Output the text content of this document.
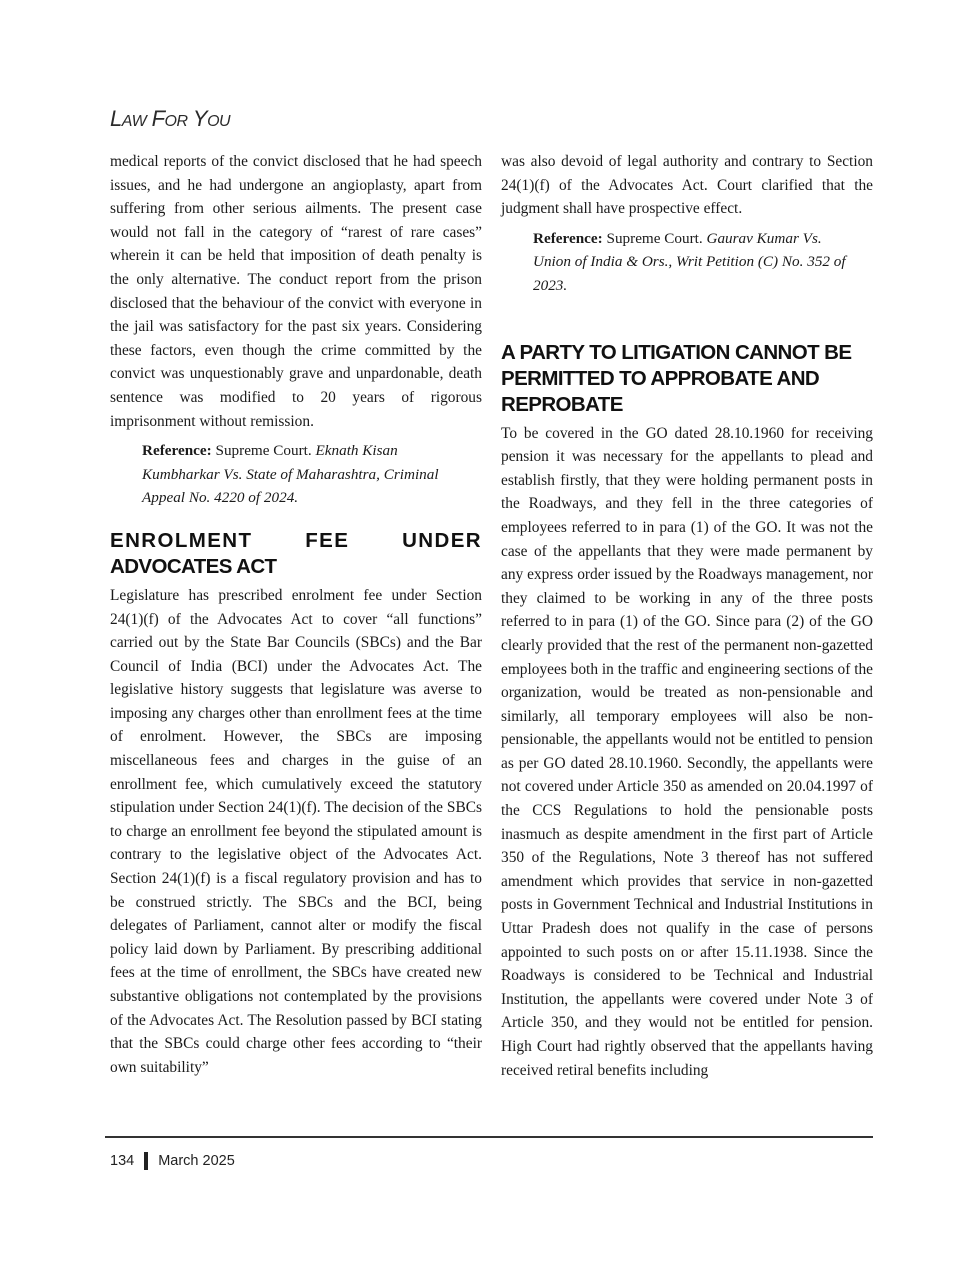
LAW FOR YOU

medical reports of the convict disclosed that he had speech issues, and he had undergone an angioplasty, apart from suffering from other serious ailments. The present case would not fall in the category of “rarest of rare cases” wherein it can be held that imposition of death penalty is the only alternative. The conduct report from the prison disclosed that the behaviour of the convict with everyone in the jail was satisfactory for the past six years. Considering these factors, even though the crime committed by the convict was unquestionably grave and unpardonable, death sentence was modified to 20 years of rigorous imprisonment without remission.

Reference: Supreme Court. Eknath Kisan Kumbharkar Vs. State of Maharashtra, Criminal Appeal No. 4220 of 2024.

ENROLMENT	FEE	UNDER
ADVOCATES ACT

Legislature has prescribed enrolment fee under Section 24(1)(f) of the Advocates Act to cover “all functions” carried out by the State Bar Councils (SBCs) and the Bar Council of India (BCI) under the Advocates Act. The legislative history suggests that legislature was averse to imposing any charges other than enrollment fees at the time of enrolment. However, the SBCs are imposing miscellaneous fees and charges in the guise of an enrollment fee, which cumulatively exceed the statutory stipulation under Section 24(1)(f). The decision of the SBCs to charge an enrollment fee beyond the stipulated amount is contrary to the legislative object of the Advocates Act. Section 24(1)(f) is a fiscal regulatory provision and has to be construed strictly. The SBCs and the BCI, being delegates of Parliament, cannot alter or modify the fiscal policy laid down by Parliament. By prescribing additional fees at the time of enrollment, the SBCs have created new substantive obligations not contemplated by the provisions of the Advocates Act. The Resolution passed by BCI stating that the SBCs could charge other fees according to “their own suitability”

was also devoid of legal authority and contrary to Section 24(1)(f) of the Advocates Act. Court clarified that the judgment shall have prospective effect.

Reference: Supreme Court. Gaurav Kumar Vs. Union of India & Ors., Writ Petition (C) No. 352 of 2023.

A PARTY TO LITIGATION CANNOT BE PERMITTED TO APPROBATE AND REPROBATE

To be covered in the GO dated 28.10.1960 for receiving pension it was necessary for the appellants to plead and establish firstly, that they were holding permanent posts in the Roadways, and they fell in the three categories of employees referred to in para (1) of the GO. It was not the case of the appellants that they were made permanent by any express order issued by the Roadways management, nor they claimed to be working in any of the three posts referred to in para (1) of the GO. Since para (2) of the GO clearly provided that the rest of the permanent non-gazetted employees both in the traffic and engineering sections of the organization, would be treated as non-pensionable and similarly, all temporary employees will also be non-pensionable, the appellants would not be entitled to pension as per GO dated 28.10.1960. Secondly, the appellants were not covered under Article 350 as amended on 20.04.1997 of the CCS Regulations to hold the pensionable posts inasmuch as despite amendment in the first part of Article 350 of the Regulations, Note 3 thereof has not suffered amendment which provides that service in non-gazetted posts in Government Technical and Industrial Institutions in Uttar Pradesh does not qualify in the case of persons appointed to such posts on or after 15.11.1938. Since the Roadways is considered to be Technical and Industrial Institution, the appellants were covered under Note 3 of Article 350, and they would not be entitled for pension. High Court had rightly observed that the appellants having received retiral benefits including

134 March 2025
